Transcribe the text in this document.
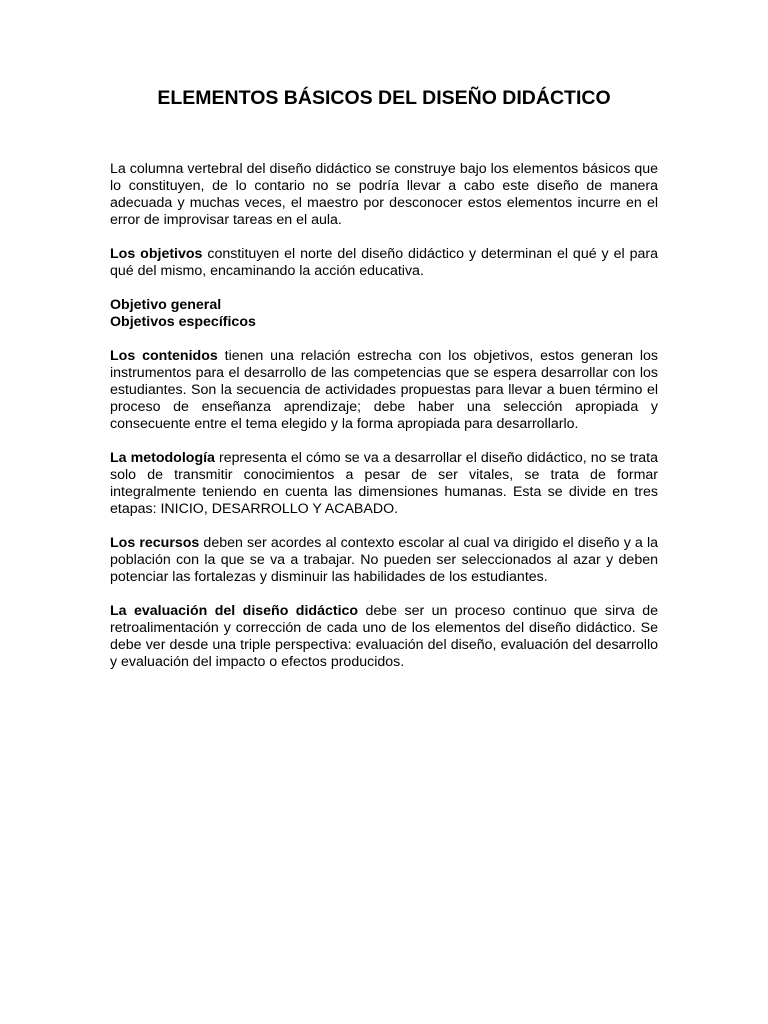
ELEMENTOS BÁSICOS DEL DISEÑO DIDÁCTICO

La columna vertebral del diseño didáctico se construye bajo los elementos básicos que lo constituyen, de lo contario no se podría llevar a cabo este diseño de manera adecuada y muchas veces, el maestro por desconocer estos elementos incurre en el error de improvisar tareas en el aula.

Los objetivos constituyen el norte del diseño didáctico y determinan el qué y el para qué del mismo, encaminando la acción educativa.

Objetivo general
Objetivos específicos

Los contenidos tienen una relación estrecha con los objetivos, estos generan los instrumentos para el desarrollo de las competencias que se espera desarrollar con los estudiantes. Son la secuencia de actividades propuestas para llevar a buen término el proceso de enseñanza aprendizaje; debe haber una selección apropiada y consecuente entre el tema elegido y la forma apropiada para desarrollarlo.

La metodología representa el cómo se va a desarrollar el diseño didáctico, no se trata solo de transmitir conocimientos a pesar de ser vitales, se trata de formar integralmente teniendo en cuenta las dimensiones humanas. Esta se divide en tres etapas: INICIO, DESARROLLO Y ACABADO.

Los recursos deben ser acordes al contexto escolar al cual va dirigido el diseño y a la población con la que se va a trabajar. No pueden ser seleccionados al azar y deben potenciar las fortalezas y disminuir las habilidades de los estudiantes.

La evaluación del diseño didáctico debe ser un proceso continuo que sirva de retroalimentación y corrección de cada uno de los elementos del diseño didáctico. Se debe ver desde una triple perspectiva: evaluación del diseño, evaluación del desarrollo y evaluación del impacto o efectos producidos.
